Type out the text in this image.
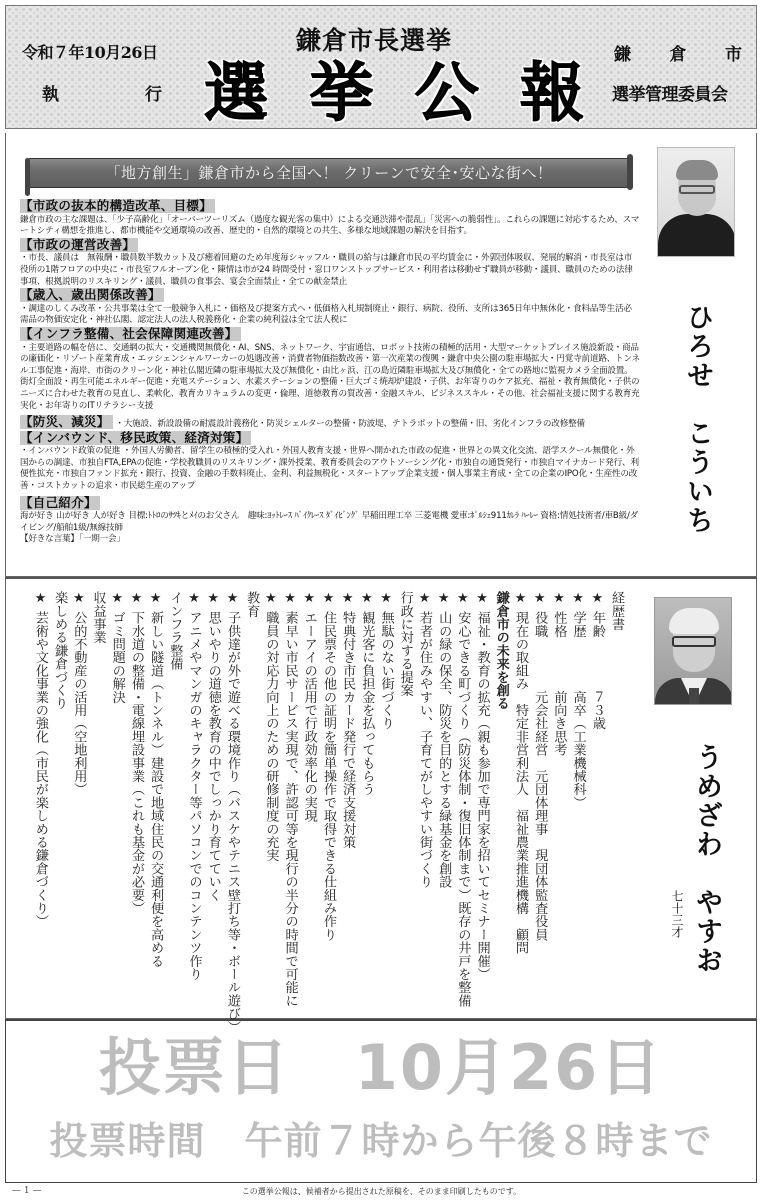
令和７年10月26日
執	行
鎌倉市長選挙
選 挙 公 報
鎌 倉 市
選挙管理委員会
「地方創生」鎌倉市から全国へ！ クリーンで安全･安心な街へ！
【市政の抜本的構造改革、目標】
鎌倉市政の主な課題は、「少子高齢化」「オーバーツーリズム（過度な観光客の集中）による交通渋滞や混乱」「災害への脆弱性」。これらの課題に対応するため、スマートシティ構想を推進し、都市機能や交通環境の改善、歴史的・自然的環境との共生、多様な地域課題の解決を目指す。
【市政の運営改善】
・市長、議員は　無報酬・職員数半数カット及び癒着回避のため年度毎シャッフル・職員の給与は鎌倉市民の平均賃金に・外郭団体吸収、発展的解消・市長室は市役所の1階フロアの中央に・市長室フルオープン化・陳情は市が24 時間受付・窓口ワンストップサービス・利用者は移動せず職員が移動・議員、職員のための法律事項、根拠説明のリスキリング・議員、職員の食事会、宴会全面禁止・全ての献金禁止
【歳入、歳出関係改善】
・調達のしくみ改革・公共事業は全て一般競争入札に・価格及び提案方式へ・低価格入札規制廃止・銀行、病院、役所、支所は365日年中無休化・食料品等生活必需品の物価安定化・神社仏閣、認定法人の法人税義務化・企業の純利益は全て法人税に
【インフラ整備、社会保障関連改善】
・主要道路の幅を倍に、交通網の拡大・交通機関無償化・AI、SNS、ネットワーク、宇宙通信、ロボット技術の積極的活用・大型マーケットプレイス施設新設・商品の廉価化・リゾート産業育成・エッシェンシャルワーカーの処遇改善・消費者物価指数改善・第一次産業の復興・鎌倉中央公園の駐車場拡大・円覚寺前道路、トンネル工事促進・海岸、市街のクリーン化・神社仏閣近隣の駐車場拡大及び無償化・由比ヶ浜、江の島近隣駐車場拡大及び無償化・全ての路地に監視カメラ全面設置。街灯全面設・再生可能エネルギー促進・充電ステーション、水素ステーションの整備・巨大ゴミ焼却炉建設・子供、お年寄りのケア拡充、福祉・教育無償化・子供のニーズに合わせた教育の見直し、柔軟化、教育カリキュラムの変更・倫理、道徳教育の質改善・金融スキル、ビジネススキル・その他、社会福祉支援に関する教育充実化・お年寄りのITリテラシー支援
【防災、減災】 ・大施設、新設設備の耐震設計義務化・防災シェルターの整備・防波堤、テトラポットの整備・旧、劣化インフラの改修整備
【インバウンド、移民政策、経済対策】
・インバウンド政策の促進 ・外国人労働者、留学生の積極的受入れ・外国人教育支援・世界へ開かれた市政の促進・世界との異文化交流、語学スクール無償化・外国からの調達、市独自FTA,EPAの促進・学校教職員のリスキリング・課外授業、教育委員会のアウトソーシング化・市独自の通貨発行・市独自マイナカード発行、利便性拡充・市独自ファンド拡充・銀行、投資、金融の手数料廃止、金利、利益無税化・スタートアップ企業支援・個人事業主育成・全ての企業のIPO化・生産性の改善・コストカットの追求・市民総生産のアップ
【自己紹介】
海が好き 山が好き 人が好き 目標:ﾄﾄﾛのｻﾂｷとﾒｲのお父さん　趣味:ﾖｯﾄﾚｰｽ ﾊﾞｲｸﾚｰｽ ﾀﾞｲﾋﾞﾝｸﾞ 早稲田理工卒 三菱電機 愛車:ﾎﾟﾙｼｪ911ｶﾚﾗ ﾊｰﾚｰ 資格:情処技術者/車B級/ダイビング/船舶1級/無線技師
【好きな言葉】「一期一会」
ひろせ　こういち
経歴書
★年齢　　　　７３歳
★学歴　　　　高卒（工業機械科）
★性格　　　　前向き思考
★役職　　　　元会社経営　元団体理事　現団体監査役員
★現在の取組み　特定非営利法人　福祉農業推進機構　顧問
鎌倉市の未来を創る
★福祉・教育の拡充（親も参加で専門家を招いてセミナー開催）
★安心できる町づくり（防災体制・復旧体制まで）既存の井戸を整備
★山の緑の保全、防災を目的とする緑基金を創設
★若者が住みやすい、子育てがしやすい街づくり
行政に対する提案
★無駄のない街づくり
★観光客に負担金を払ってもらう
★特典付き市民カード発行で経済支援対策
★住民票その他の証明を簡単操作で取得できる仕組み作り
★エーアイの活用で行政効率化の実現
★素早い市民サービス実現で、許認可等を現行の半分の時間で可能に
★職員の対応力向上のための研修制度の充実
教育
★子供達が外で遊べる環境作り（バスケやテニス壁打ち等・ボール遊び）
★思いやりの道徳を教育の中でしっかり育てていく
★アニメやマンガのキャラクター等パソコンでのコンテンツ作り
インフラ整備
★新しい隧道（トンネル）建設で地域住民の交通利便を高める
★下水道の整備・電線埋設事業（これも基金が必要）
★ゴミ問題の解決
収益事業
★公的不動産の活用（空地利用）
楽しめる鎌倉づくり
★芸術や文化事業の強化（市民が楽しめる鎌倉づくり）	うめざわ　やすお
七十三才
投票日　10月26日
投票時間　午前７時から午後８時まで
— 1 —	この選挙公報は、候補者から提出された原稿を、そのまま印刷したものです。
